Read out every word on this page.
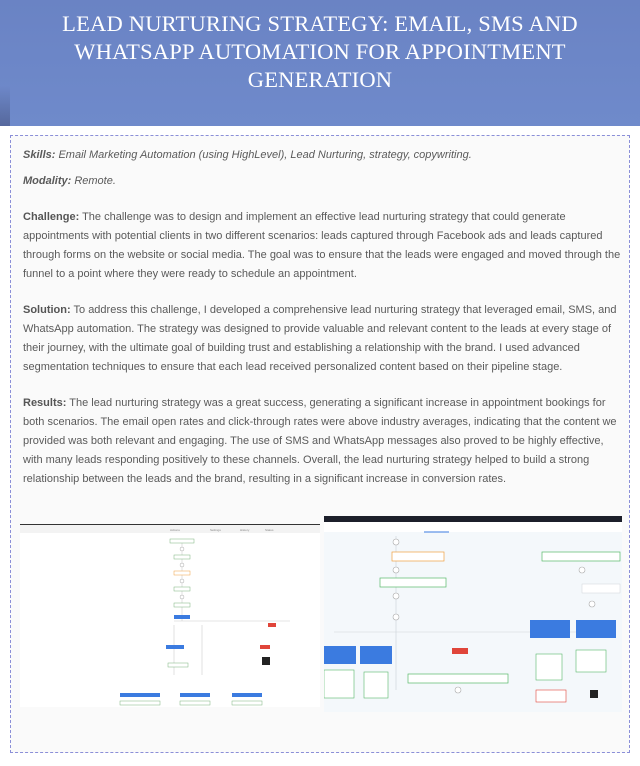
LEAD NURTURING STRATEGY: EMAIL, SMS AND WHATSAPP AUTOMATION FOR APPOINTMENT GENERATION

Skills: Email Marketing Automation (using HighLevel), Lead Nurturing, strategy, copywriting.

Modality: Remote.

Challenge: The challenge was to design and implement an effective lead nurturing strategy that could generate appointments with potential clients in two different scenarios: leads captured through Facebook ads and leads captured through forms on the website or social media. The goal was to ensure that the leads were engaged and moved through the funnel to a point where they were ready to schedule an appointment.

Solution: To address this challenge, I developed a comprehensive lead nurturing strategy that leveraged email, SMS, and WhatsApp automation. The strategy was designed to provide valuable and relevant content to the leads at every stage of their journey, with the ultimate goal of building trust and establishing a relationship with the brand. I used advanced segmentation techniques to ensure that each lead received personalized content based on their pipeline stage.

Results: The lead nurturing strategy was a great success, generating a significant increase in appointment bookings for both scenarios. The email open rates and click-through rates were above industry averages, indicating that the content we provided was both relevant and engaging. The use of SMS and WhatsApp messages also proved to be highly effective, with many leads responding positively to these channels. Overall, the lead nurturing strategy helped to build a strong relationship between the leads and the brand, resulting in a significant increase in conversion rates.

Actions	Settings	History	Status
